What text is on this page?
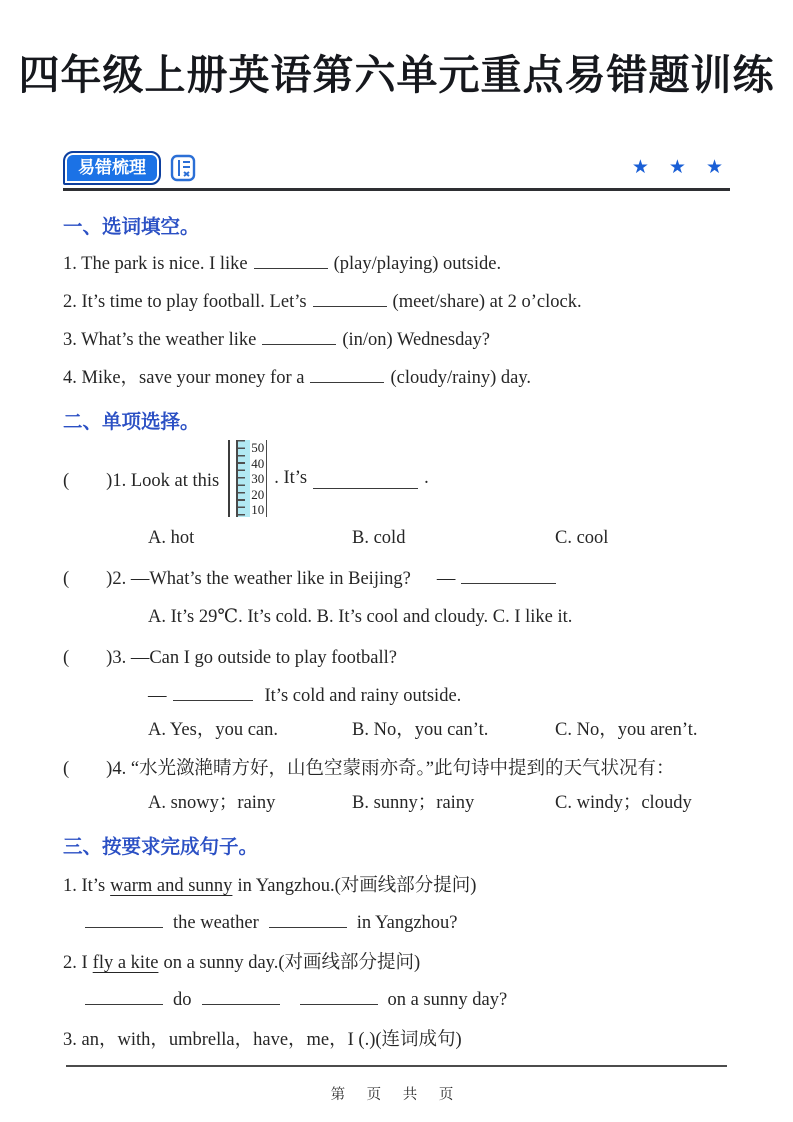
四年级上册英语第六单元重点易错题训练
易错梳理	★ ★ ★
一、选词填空。

1. The park is nice. I like	(play/playing) outside.

2. It’s time to play football. Let’s	(meet/share) at 2 o’clock.

3. What’s the weather like	(in/on) Wednesday?

4. Mike，save your money for a	(cloudy/rainy) day.

二、单项选择。
(　　)1. Look at this
50
40
30
20
10
. It’s	.
A. hot	B. cold	C. cool

(　　)2. —What’s the weather like in Beijing? —

A. It’s 29℃. It’s cold. B. It’s cool and cloudy. C. I like it.

(　　)3. —Can I go outside to play football?

—	It’s cold and rainy outside.

A. Yes，you can.	B. No，you can’t.	C. No，you aren’t.

(　　)4. “水光潋滟晴方好，山色空蒙雨亦奇。”此句诗中提到的天气状况有：

A. snowy；rainy	B. sunny；rainy	C. windy；cloudy
三、按要求完成句子。

1. It’s warm and sunny in Yangzhou.(对画线部分提问)

the weather	in Yangzhou?

2. I fly a kite on a sunny day.(对画线部分提问)

do	on a sunny day?

3. an，with，umbrella，have，me，I (.)(连词成句)

第 页 共 页
